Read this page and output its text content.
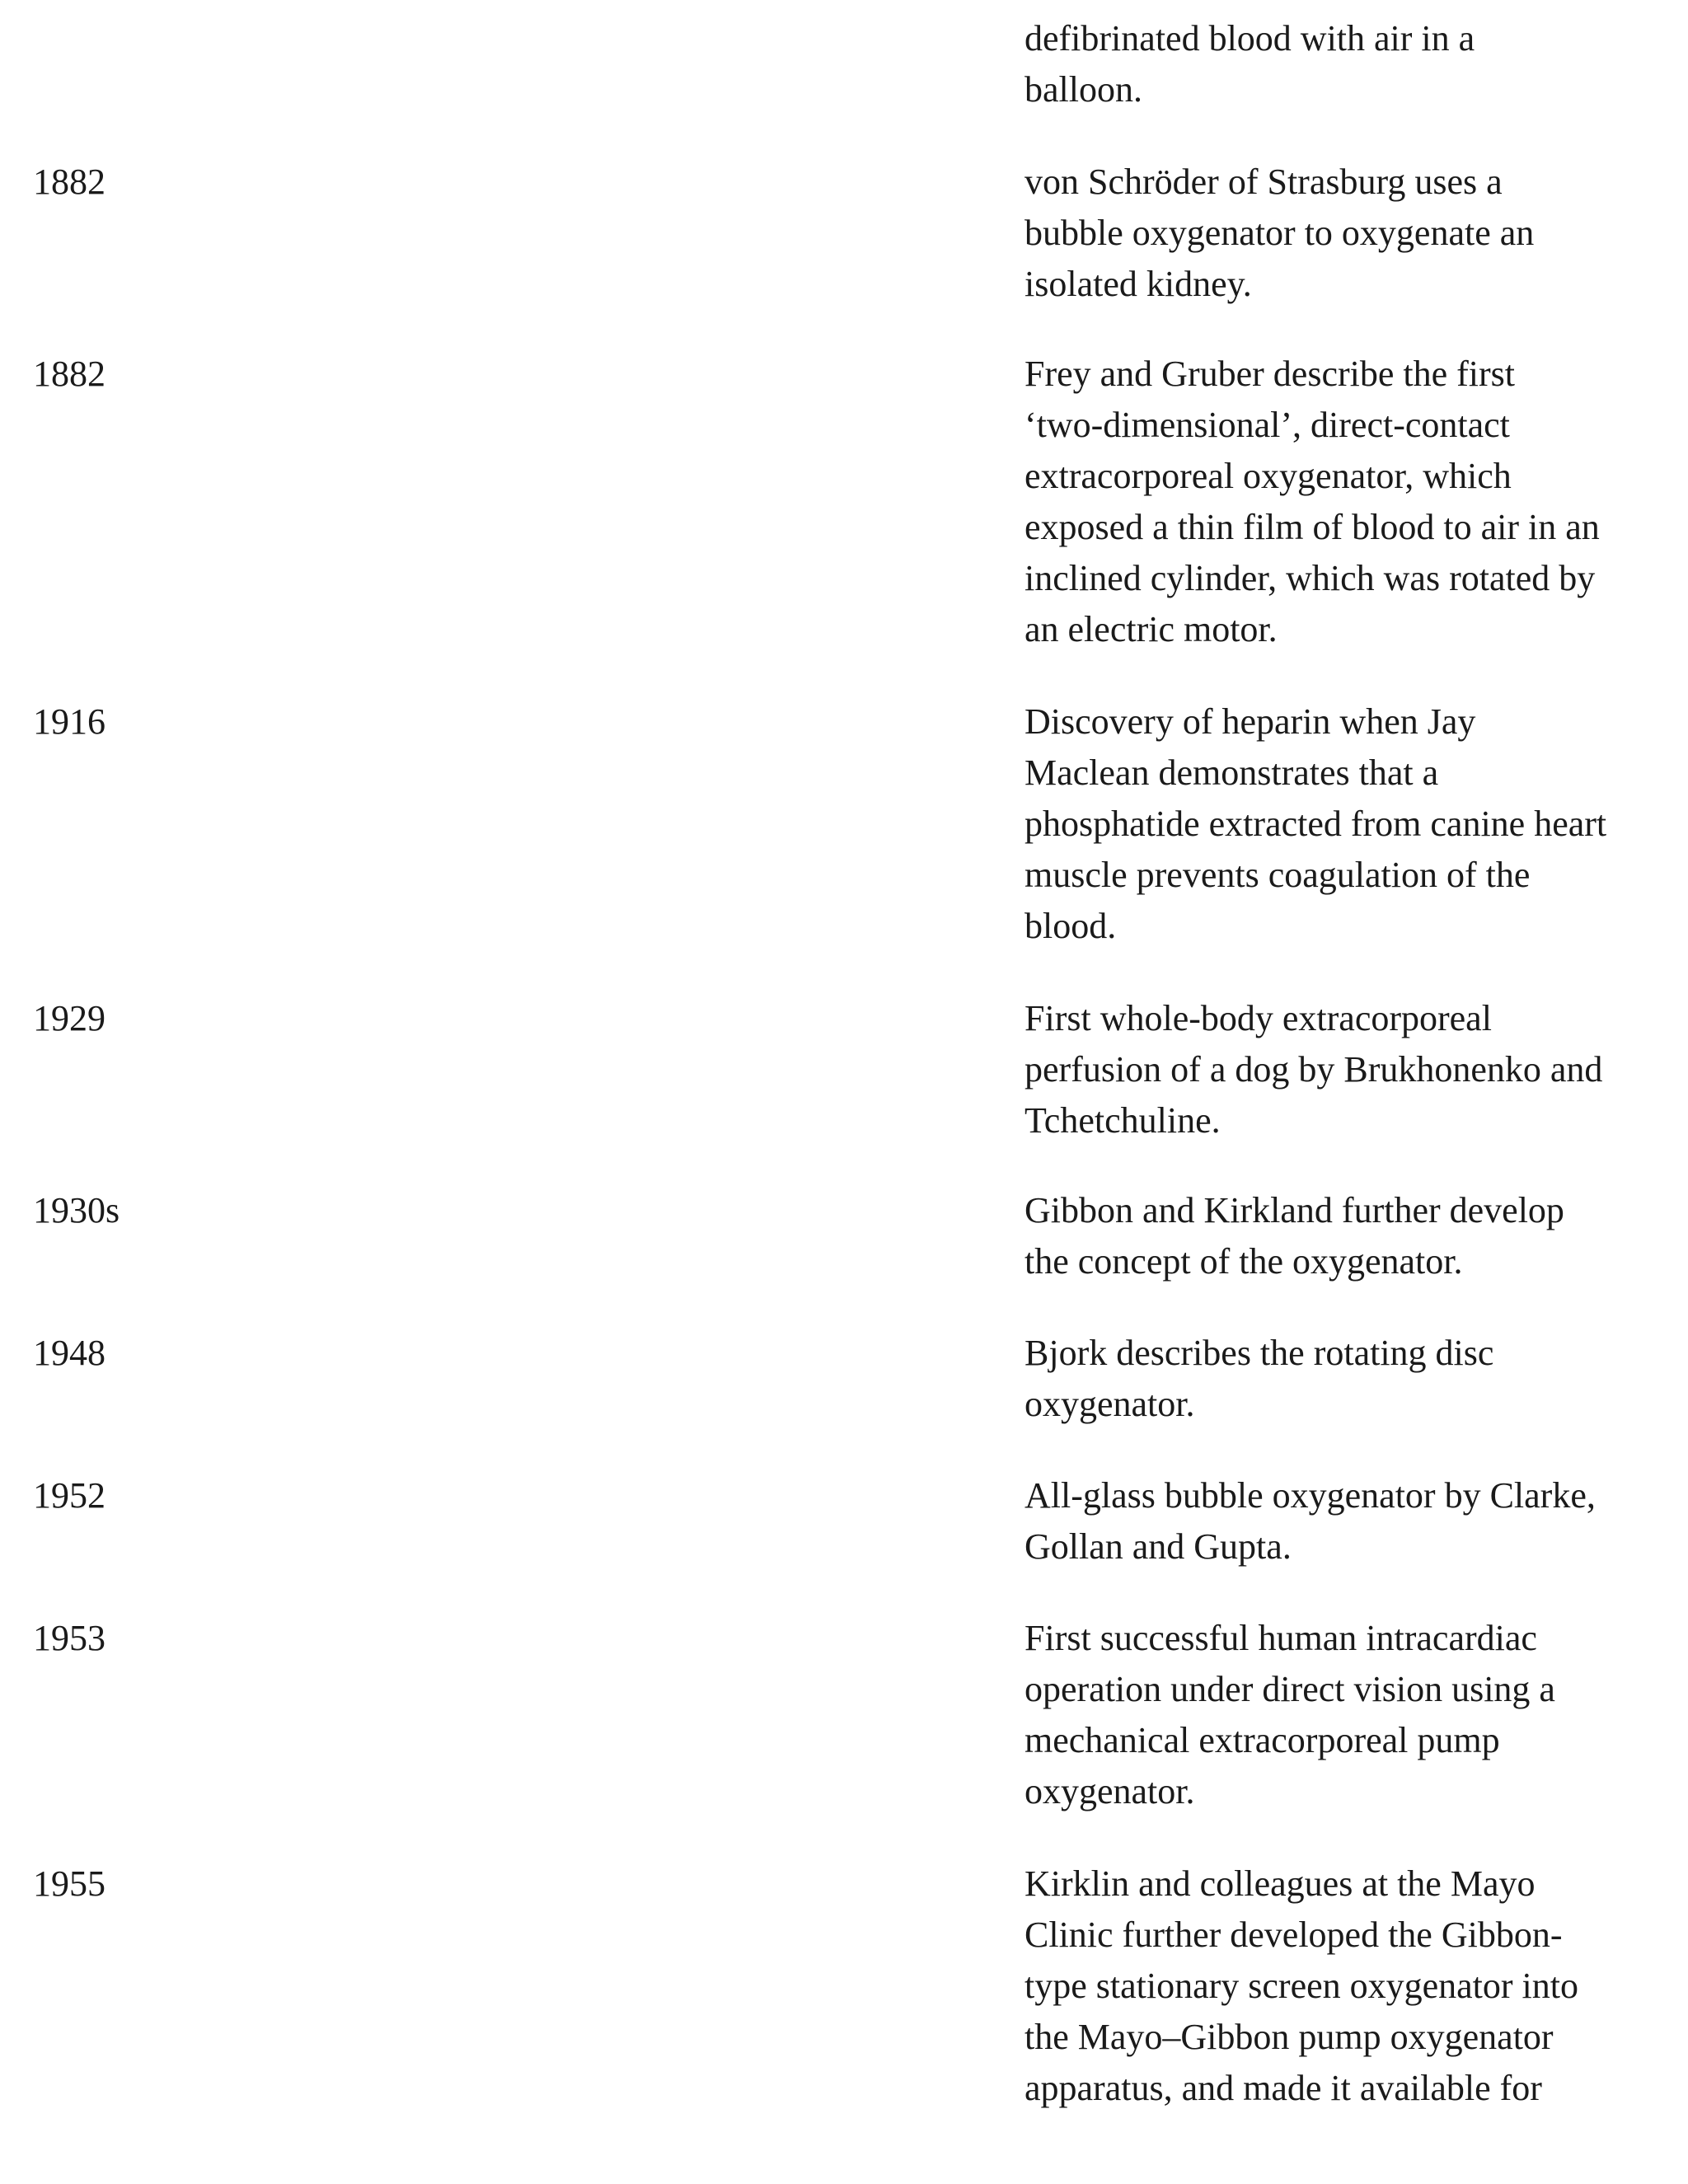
defibrinated blood with air in a
balloon.
1882	von Schröder of Strasburg uses a
bubble oxygenator to oxygenate an
isolated kidney.
1882	Frey and Gruber describe the first
‘two-dimensional’, direct-contact
extracorporeal oxygenator, which
exposed a thin film of blood to air in an
inclined cylinder, which was rotated by
an electric motor.
1916	Discovery of heparin when Jay
Maclean demonstrates that a
phosphatide extracted from canine heart
muscle prevents coagulation of the
blood.
1929	First whole-body extracorporeal
perfusion of a dog by Brukhonenko and
Tchetchuline.
1930s	Gibbon and Kirkland further develop
the concept of the oxygenator.
1948	Bjork describes the rotating disc
oxygenator.
1952	All-glass bubble oxygenator by Clarke,
Gollan and Gupta.
1953	First successful human intracardiac
operation under direct vision using a
mechanical extracorporeal pump
oxygenator.
1955	Kirklin and colleagues at the Mayo
Clinic further developed the Gibbon-
type stationary screen oxygenator into
the Mayo–Gibbon pump oxygenator
apparatus, and made it available for
